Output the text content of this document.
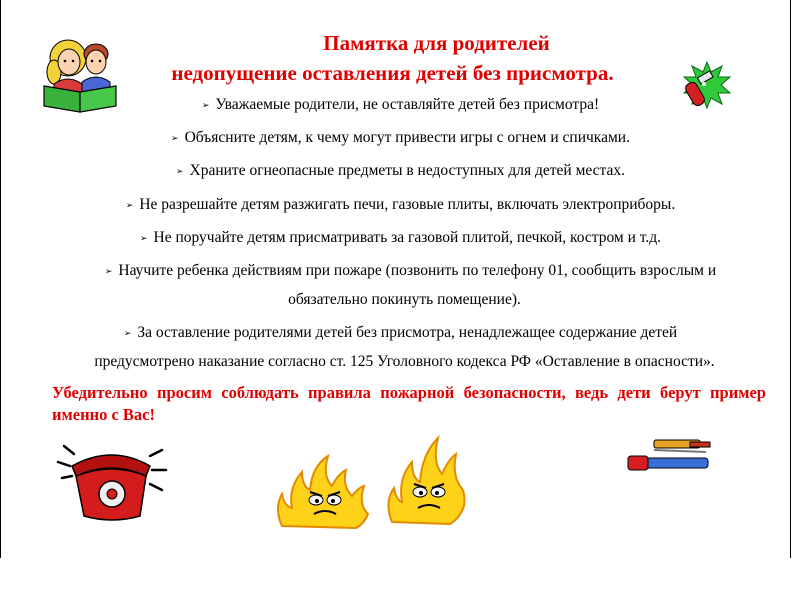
Памятка для родителей
недопущение оставления детей без присмотра.
➢ Уважаемые родители, не оставляйте детей без присмотра!
➢ Объясните детям, к чему могут привести игры с огнем и спичками.
➢ Храните огнеопасные предметы в недоступных для детей местах.
➢ Не разрешайте детям разжигать печи, газовые плиты, включать электроприборы.
➢ Не поручайте детям присматривать за газовой плитой, печкой, костром и т.д.
➢ Научите ребенка действиям при пожаре (позвонить по телефону 01, сообщить взрослым и
обязательно покинуть помещение).
➢ За оставление родителями детей без присмотра, ненадлежащее содержание детей
предусмотрено наказание согласно ст. 125 Уголовного кодекса РФ «Оставление в опасности».
Убедительно просим соблюдать правила пожарной безопасности, ведь дети берут пример именно с Вас!
